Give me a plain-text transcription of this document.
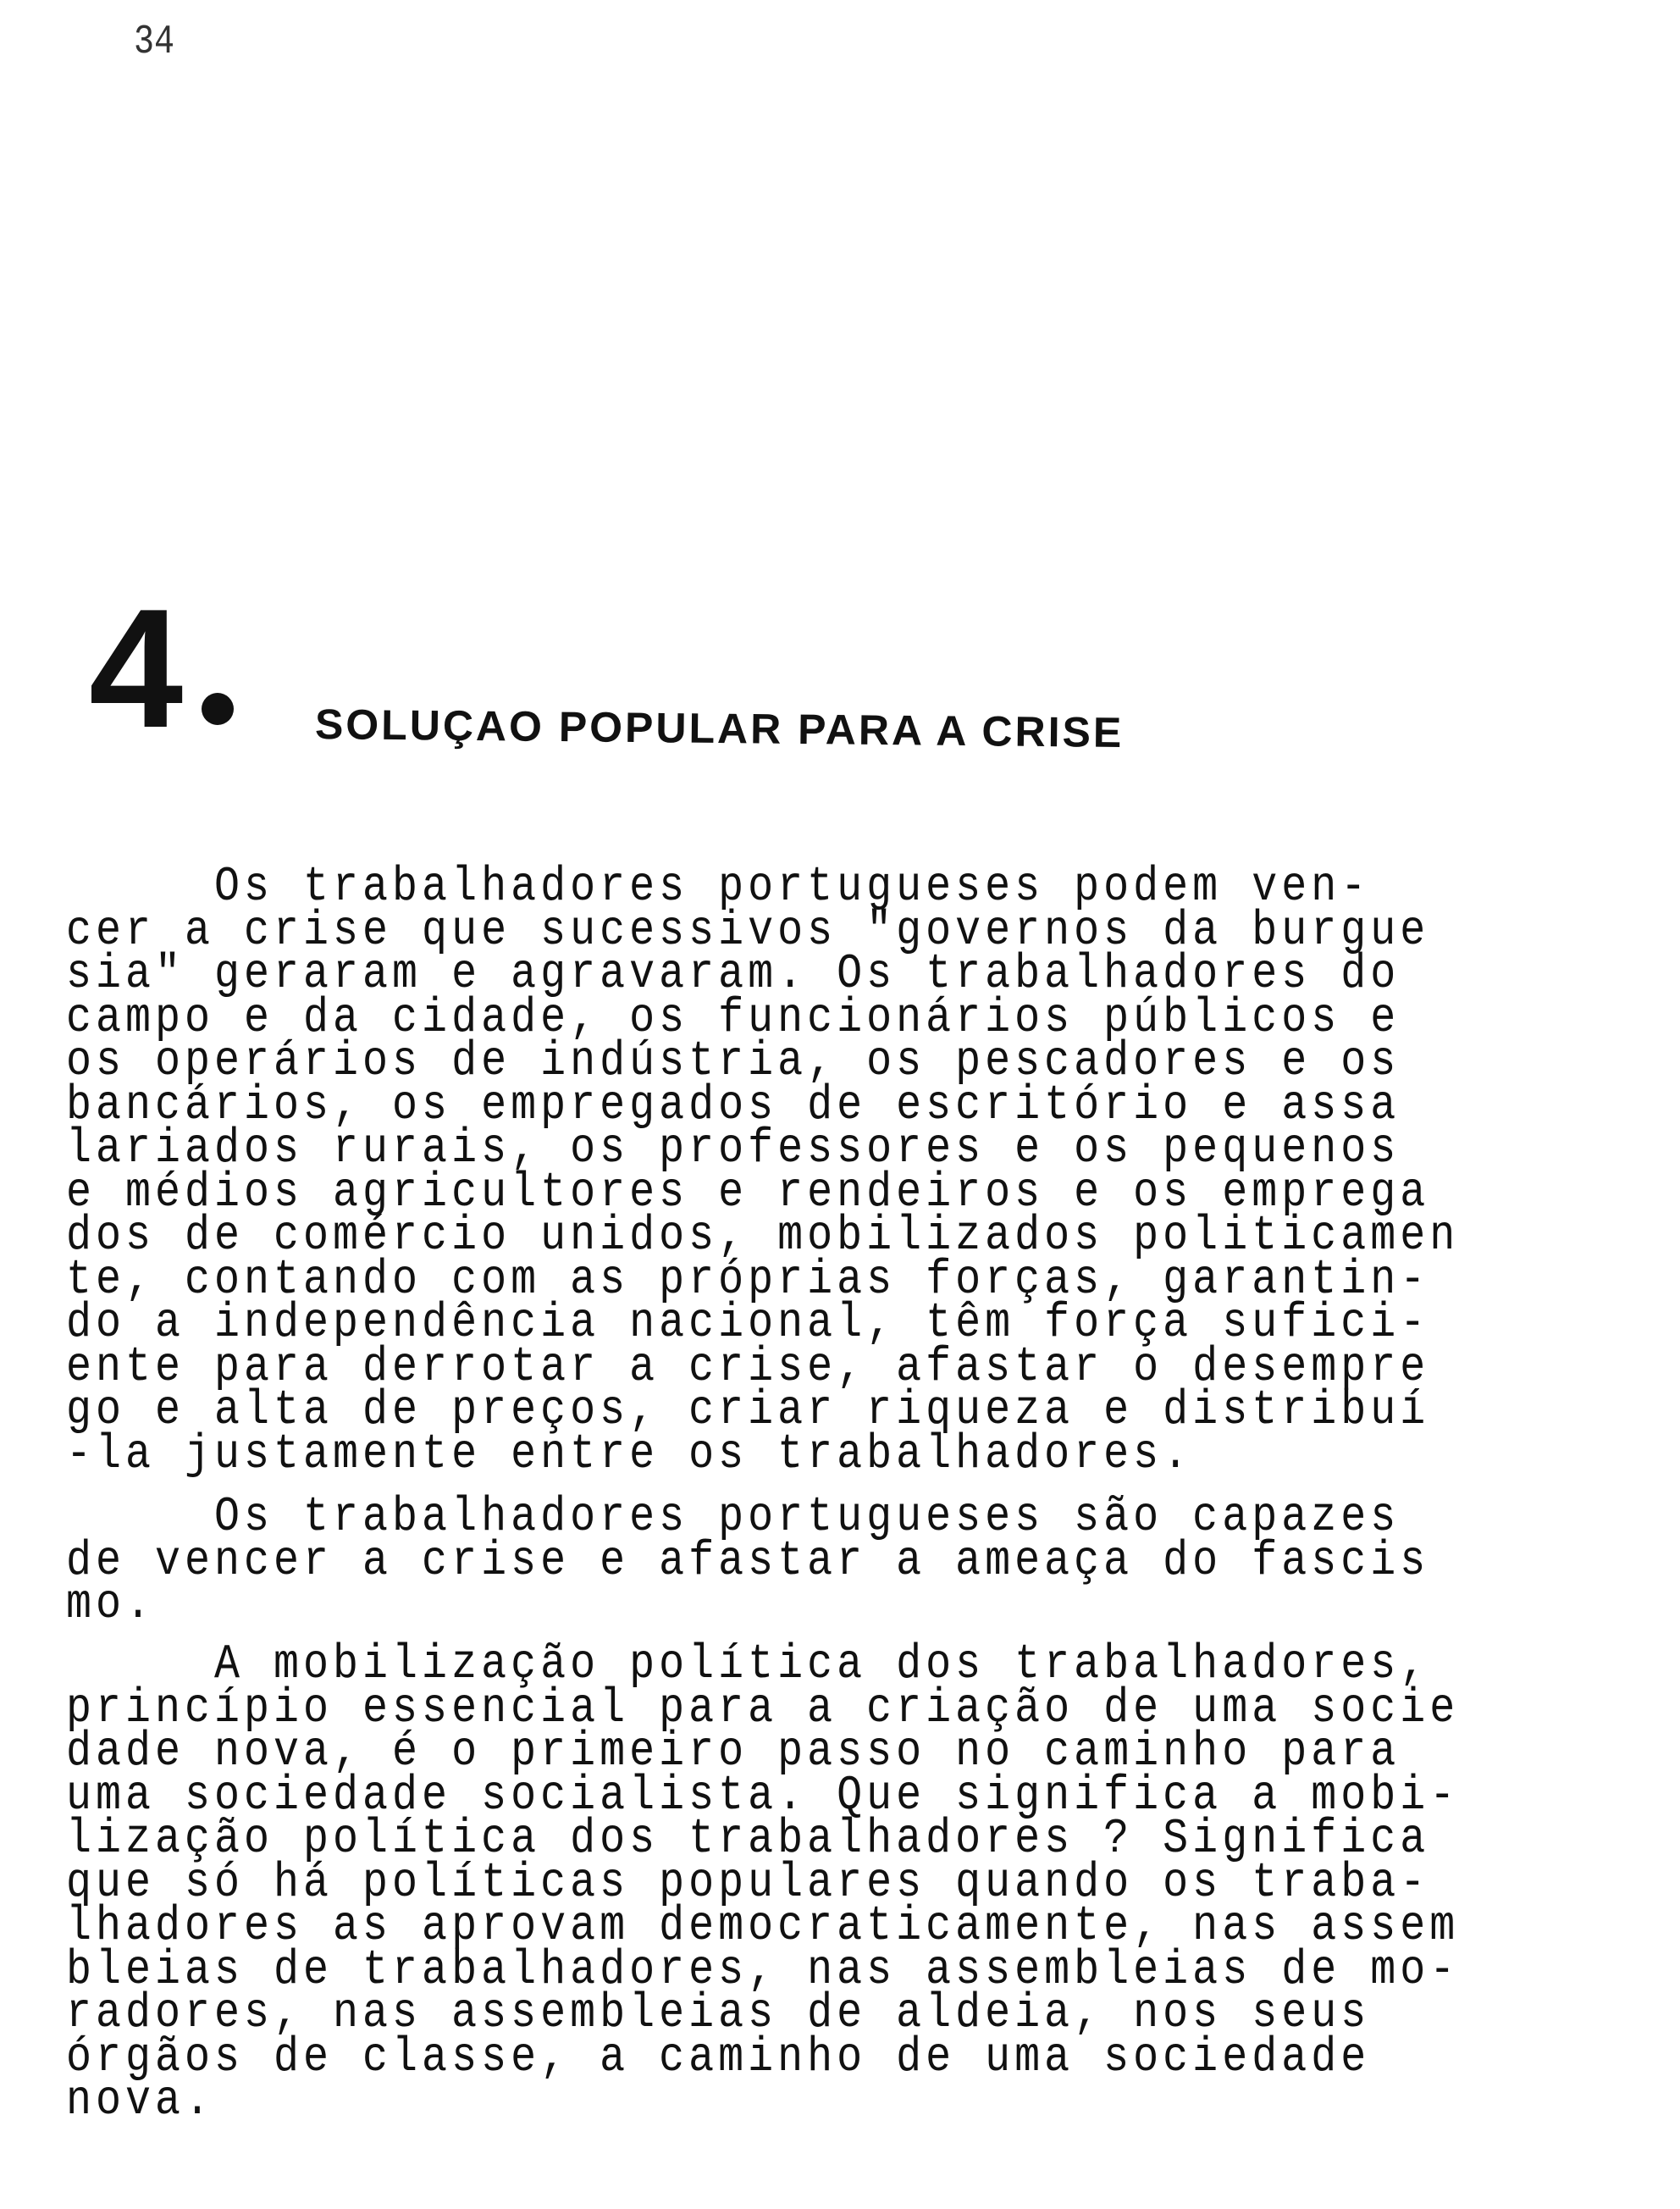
34
4	SOLUÇAO POPULAR PARA A CRISE
Os trabalhadores portugueses podem ven-
cer a crise que sucessivos "governos da burgue
sia" geraram e agravaram. Os trabalhadores do
campo e da cidade, os funcionários públicos e
os operários de indústria, os pescadores e os
bancários, os empregados de escritório e assa
lariados rurais, os professores e os pequenos
e médios agricultores e rendeiros e os emprega
dos de comércio unidos, mobilizados politicamen
te, contando com as próprias forças, garantin-
do a independência nacional, têm força sufici-
ente para derrotar a crise, afastar o desempre
go e alta de preços, criar riqueza e distribuí
-la justamente entre os trabalhadores.
Os trabalhadores portugueses são capazes
de vencer a crise e afastar a ameaça do fascis
mo.
A mobilização política dos trabalhadores,
princípio essencial para a criação de uma socie
dade nova, é o primeiro passo no caminho para
uma sociedade socialista. Que significa a mobi-
lização política dos trabalhadores ? Significa
que só há políticas populares quando os traba-
lhadores as aprovam democraticamente, nas assem
bleias de trabalhadores, nas assembleias de mo-
radores, nas assembleias de aldeia, nos seus
órgãos de classe, a caminho de uma sociedade
nova.
